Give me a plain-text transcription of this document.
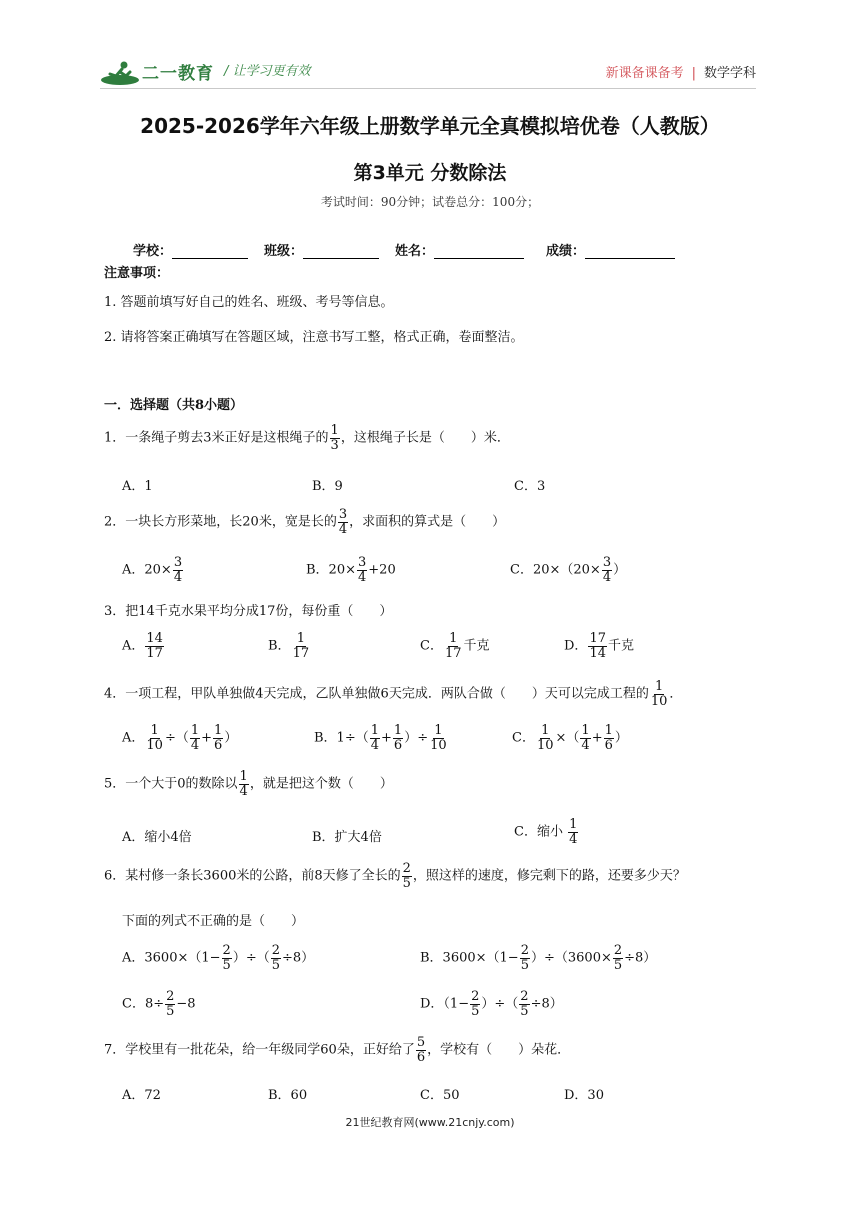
二一教育 / 让学习更有效	新课备课备考 | 数学学科
2025-2026学年六年级上册数学单元全真模拟培优卷（人教版）
第3单元 分数除法
考试时间：90分钟；试卷总分：100分；
学校：	班级：	姓名：	成绩：
注意事项：
1. 答题前填写好自己的姓名、班级、考号等信息。
2. 请将答案正确填写在答题区域，注意书写工整，格式正确，卷面整洁。
一．选择题（共8小题）
1．一条绳子剪去3米正好是这根绳子的 $\frac{1}{3}$ ，这根绳子长是（　　）米．
A．1	B．9	C．3
2．一块长方形菜地，长20米，宽是长的 $\frac{3}{4}$ ，求面积的算式是（　　）
A．$20\times \frac{3}{4}$	B．$20\times \frac{3}{4} +20$	C．$20\times(20\times \frac{3}{4}$ ）
3．把14千克水果平均分成17份，每份重（　　）
A． $\frac{14}{17}$	B． $\frac{1}{17}$	C． $\frac{1}{17}$ 千克	D． $\frac{17}{14}$ 千克
4．一项工程，甲队单独做4天完成，乙队单独做6天完成．两队合做（　　）天可以完成工程的 $\frac{1}{10}$ ．
A． $\frac{1}{10}$ ÷（ $\frac{1}{4} + \frac{1}{6}$ ）	B．$1\div( \frac{1}{4} + \frac{1}{6}$ ）÷ $\frac{1}{10}$	C． $\frac{1}{10}$ ×（ $\frac{1}{4} + \frac{1}{6}$ ）
5．一个大于0的数除以 $\frac{1}{4}$ ，就是把这个数（　　）
A．缩小4倍	B．扩大4倍	C．缩小 $\frac{1}{4}$
6．某村修一条长3600米的公路，前8天修了全长的 $\frac{2}{5}$ ，照这样的速度，修完剩下的路，还要多少天？
下面的列式不正确的是（　　）
A．$3600\times(1- \frac{2}{5}$ ）÷（ $\frac{2}{5} \div 8$）	B．$3600\times(1- \frac{2}{5} )\div(3600\times \frac{2}{5} \div 8)$
C．$8\div \frac{2}{5} -8$	D．（$1- \frac{2}{5}$ ）÷（ $\frac{2}{5} \div 8$）
7．学校里有一批花朵，给一年级同学60朵，正好给了 $\frac{5}{6}$ ，学校有（　　）朵花．
A．72	B．60	C．50	D．30
21世纪教育网(www.21cnjy.com)
